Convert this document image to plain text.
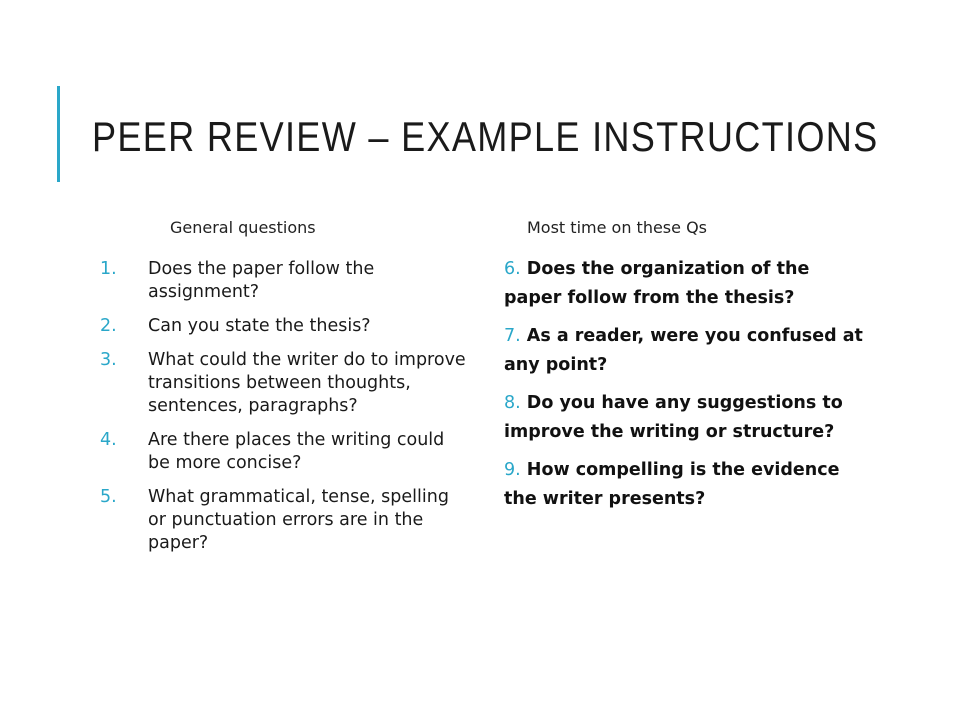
PEER REVIEW – EXAMPLE INSTRUCTIONS
General questions	Most time on these Qs
1. Does the paper follow the assignment?
2. Can you state the thesis?
3. What could the writer do to improve transitions between thoughts, sentences, paragraphs?
4. Are there places the writing could be more concise?
5. What grammatical, tense, spelling or punctuation errors are in the paper?
6. Does the organization of the paper follow from the thesis?
7. As a reader, were you confused at any point?
8. Do you have any suggestions to improve the writing or structure?
9. How compelling is the evidence the writer presents?
